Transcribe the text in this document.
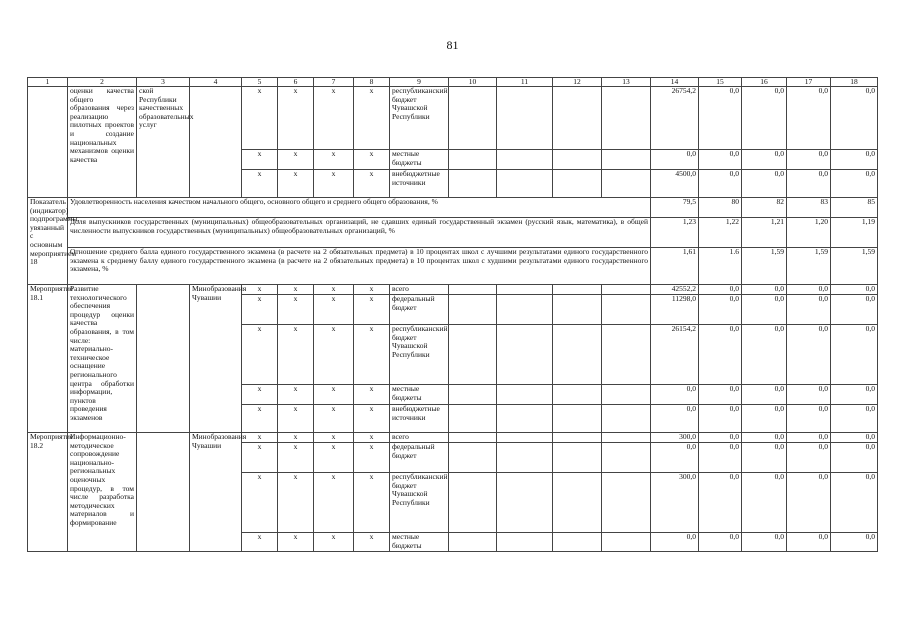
81
1	2	3	4	5	6	7	8	9	10	11	12	13	14	15	16	17	18
	оценки качества общего образования через реализацию пилотных проектов и создание национальных механизмов оценки качества	ской Республики качественных образовательных услуг		x	x	x	x	республиканский бюджет Чувашской Республики					26754,2	0,0	0,0	0,0	0,0
				x	x	x	x	местные бюджеты					0,0	0,0	0,0	0,0	0,0
				x	x	x	x	внебюджетные источники					4500,0	0,0	0,0	0,0	0,0
Показатель (индикатор) подпрограммы, увязанный с основным мероприятием 18	Удовлетворенность населения качеством начального общего, основного общего и среднего общего образования, %												79,5	80	82	83	85
	Доля выпускников государственных (муниципальных) общеобразовательных организаций, не сдавших единый государственный экзамен (русский язык, математика), в общей численности выпускников государственных (муниципальных) общеобразовательных организаций, %												1,23	1,22	1,21	1,20	1,19
	Отношение среднего балла единого государственного экзамена (в расчете на 2 обязательных предмета) в 10 процентах школ с лучшими результатами единого государственного экзамена к среднему баллу единого государственного экзамена (в расчете на 2 обязательных предмета) в 10 процентах школ с худшими результатами единого государственного экзамена, %												1,61	1.6	1,59	1,59	1,59
Мероприятие 18.1	Развитие технологического обеспечения процедур оценки качества образования, в том числе: материально-техническое оснащение регионального центра обработки информации, пунктов проведения экзаменов		Минобразования Чувашии	x	x	x	x	всего					42552,2	0,0	0,0	0,0	0,0
				x	x	x	x	федеральный бюджет					11298,0	0,0	0,0	0,0	0,0
				x	x	x	x	республиканский бюджет Чувашской Республики					26154,2	0,0	0,0	0,0	0,0
				x	x	x	x	местные бюджеты					0,0	0,0	0,0	0,0	0,0
				x	x	x	x	внебюджетные источники					0,0	0,0	0,0	0,0	0,0
Мероприятие 18.2	Информационно-методическое сопровождение национально-региональных оценочных процедур, в том числе разработка методических материалов и формирование		Минобразования Чувашии	x	x	x	x	всего					300,0	0,0	0,0	0,0	0,0
				x	x	x	x	федеральный бюджет					0,0	0,0	0,0	0,0	0,0
				x	x	x	x	республиканский бюджет Чувашской Республики					300,0	0,0	0,0	0,0	0,0
				x	x	x	x	местные бюджеты					0,0	0,0	0,0	0,0	0,0
